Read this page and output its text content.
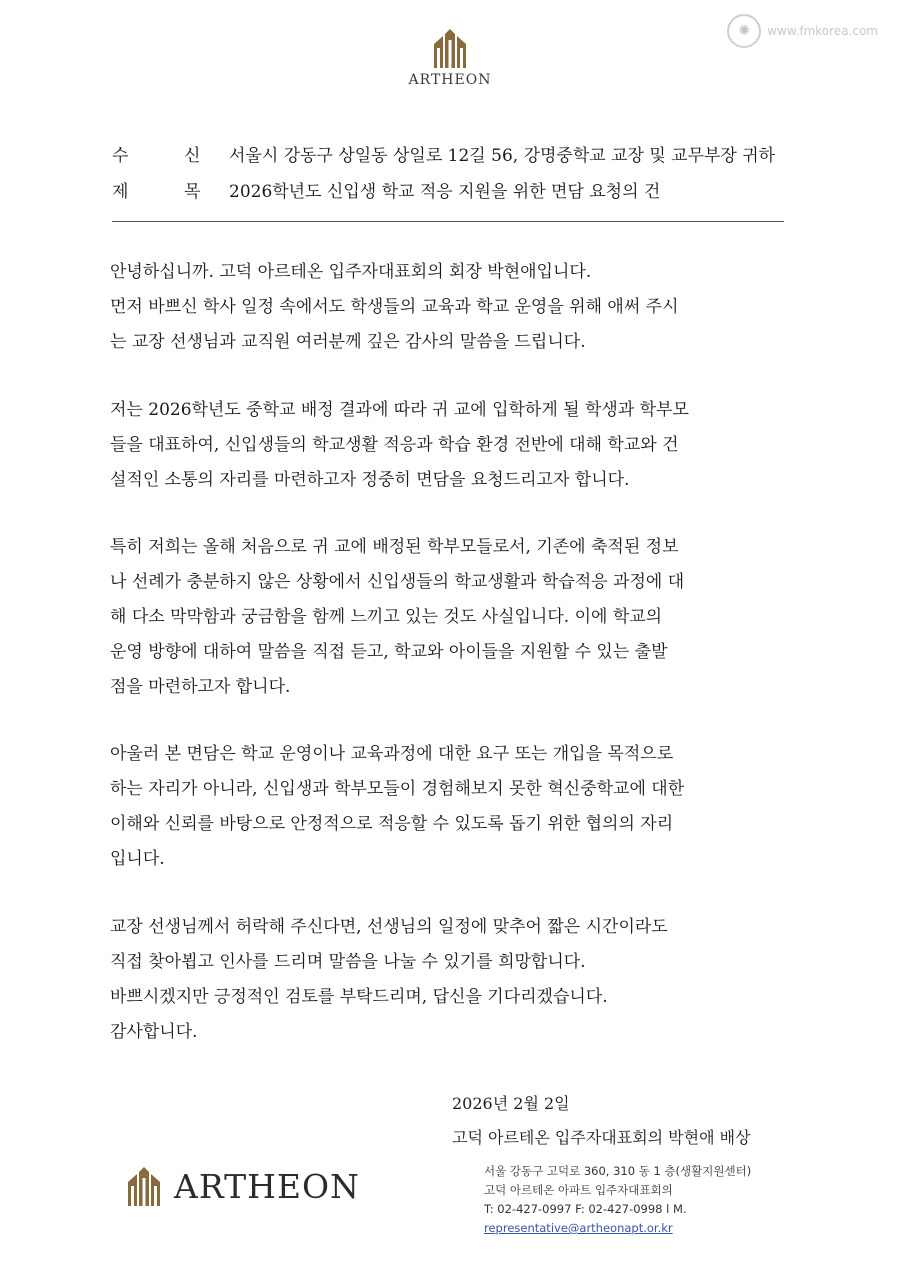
✺	www.fmkorea.com
ARTHEON
수	신	서울시 강동구 상일동 상일로 12길 56, 강명중학교 교장 및 교무부장 귀하
제	목	2026학년도 신입생 학교 적응 지원을 위한 면담 요청의 건

안녕하십니까. 고덕 아르테온 입주자대표회의 회장 박현애입니다.

먼저 바쁘신 학사 일정 속에서도 학생들의 교육과 학교 운영을 위해 애써 주시

는 교장 선생님과 교직원 여러분께 깊은 감사의 말씀을 드립니다.

저는 2026학년도 중학교 배정 결과에 따라 귀 교에 입학하게 될 학생과 학부모

들을 대표하여, 신입생들의 학교생활 적응과 학습 환경 전반에 대해 학교와 건

설적인 소통의 자리를 마련하고자 정중히 면담을 요청드리고자 합니다.

특히 저희는 올해 처음으로 귀 교에 배정된 학부모들로서, 기존에 축적된 정보

나 선례가 충분하지 않은 상황에서 신입생들의 학교생활과 학습적응 과정에 대

해 다소 막막함과 궁금함을 함께 느끼고 있는 것도 사실입니다. 이에 학교의

운영 방향에 대하여 말씀을 직접 듣고, 학교와 아이들을 지원할 수 있는 출발

점을 마련하고자 합니다.

아울러 본 면담은 학교 운영이나 교육과정에 대한 요구 또는 개입을 목적으로

하는 자리가 아니라, 신입생과 학부모들이 경험해보지 못한 혁신중학교에 대한

이해와 신뢰를 바탕으로 안정적으로 적응할 수 있도록 돕기 위한 협의의 자리

입니다.

교장 선생님께서 허락해 주신다면, 선생님의 일정에 맞추어 짧은 시간이라도

직접 찾아뵙고 인사를 드리며 말씀을 나눌 수 있기를 희망합니다.

바쁘시겠지만 긍정적인 검토를 부탁드리며, 답신을 기다리겠습니다.

감사합니다.

2026년 2월 2일
고덕 아르테온 입주자대표회의 박현애 배상
ARTHEON	서울 강동구 고덕로 360, 310 동 1 층(생활지원센터)

고덕 아르테온 아파트 입주자대표회의

T: 02-427-0997 F: 02-427-0998 l M.

representative@artheonapt.or.kr
